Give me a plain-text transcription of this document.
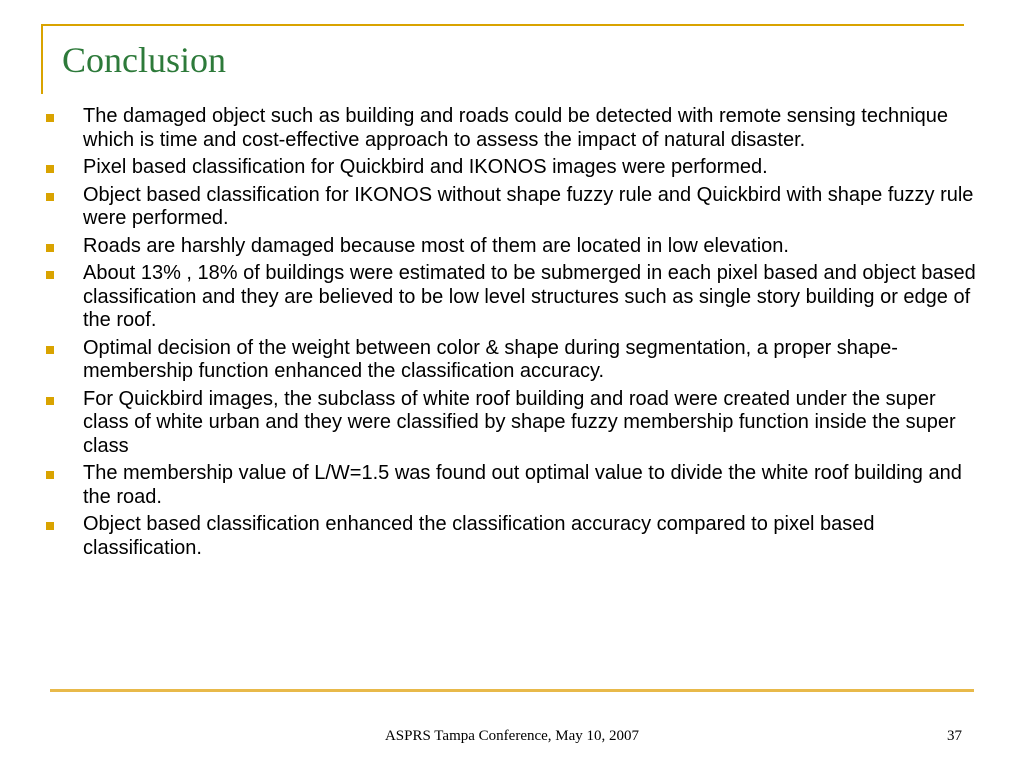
Conclusion
The damaged object such as building and roads could be detected with remote sensing technique which is time and cost-effective approach to assess the impact of natural disaster.
Pixel based classification for Quickbird and IKONOS images were performed.
Object based classification for IKONOS without shape fuzzy rule and Quickbird with shape fuzzy rule were performed.
Roads are harshly damaged because most of them are located in low elevation.
About 13% , 18% of buildings were estimated to be submerged in each pixel based and object based classification and they are believed to be low level structures such as single story building or edge of the roof.
Optimal decision of the weight between color & shape during segmentation, a proper shape-membership function enhanced the classification accuracy.
For Quickbird images, the subclass of white roof building and road were created under the super class of white urban and they were classified by shape fuzzy membership function inside the super class
The membership value of L/W=1.5 was found out optimal value to divide the white roof building and the road.
Object based classification enhanced the classification accuracy compared to pixel based classification.
ASPRS Tampa Conference, May 10, 2007	37
